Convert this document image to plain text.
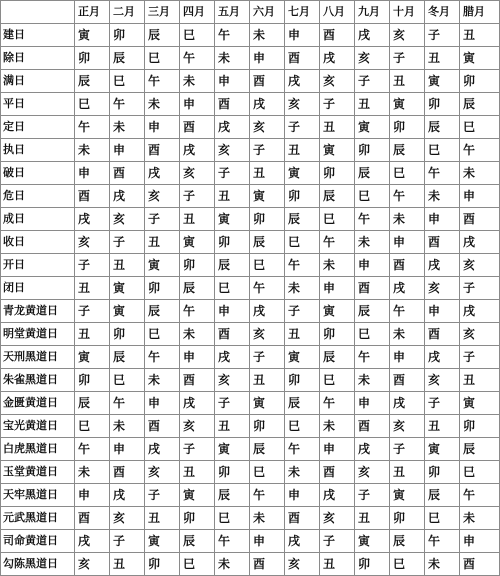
	正月	二月	三月	四月	五月	六月	七月	八月	九月	十月	冬月	腊月
建日	寅	卯	辰	巳	午	未	申	酉	戌	亥	子	丑
除日	卯	辰	巳	午	未	申	酉	戌	亥	子	丑	寅
满日	辰	巳	午	未	申	酉	戌	亥	子	丑	寅	卯
平日	巳	午	未	申	酉	戌	亥	子	丑	寅	卯	辰
定日	午	未	申	酉	戌	亥	子	丑	寅	卯	辰	巳
执日	未	申	酉	戌	亥	子	丑	寅	卯	辰	巳	午
破日	申	酉	戌	亥	子	丑	寅	卯	辰	巳	午	未
危日	酉	戌	亥	子	丑	寅	卯	辰	巳	午	未	申
成日	戌	亥	子	丑	寅	卯	辰	巳	午	未	申	酉
收日	亥	子	丑	寅	卯	辰	巳	午	未	申	酉	戌
开日	子	丑	寅	卯	辰	巳	午	未	申	酉	戌	亥
闭日	丑	寅	卯	辰	巳	午	未	申	酉	戌	亥	子
青龙黄道日	子	寅	辰	午	申	戌	子	寅	辰	午	申	戌
明堂黄道日	丑	卯	巳	未	酉	亥	丑	卯	巳	未	酉	亥
天刑黑道日	寅	辰	午	申	戌	子	寅	辰	午	申	戌	子
朱雀黑道日	卯	巳	未	酉	亥	丑	卯	巳	未	酉	亥	丑
金匮黄道日	辰	午	申	戌	子	寅	辰	午	申	戌	子	寅
宝光黄道日	巳	未	酉	亥	丑	卯	巳	未	酉	亥	丑	卯
白虎黑道日	午	申	戌	子	寅	辰	午	申	戌	子	寅	辰
玉堂黄道日	未	酉	亥	丑	卯	巳	未	酉	亥	丑	卯	巳
天牢黑道日	申	戌	子	寅	辰	午	申	戌	子	寅	辰	午
元武黑道日	酉	亥	丑	卯	巳	未	酉	亥	丑	卯	巳	未
司命黄道日	戌	子	寅	辰	午	申	戌	子	寅	辰	午	申
勾陈黑道日	亥	丑	卯	巳	未	酉	亥	丑	卯	巳	未	酉
